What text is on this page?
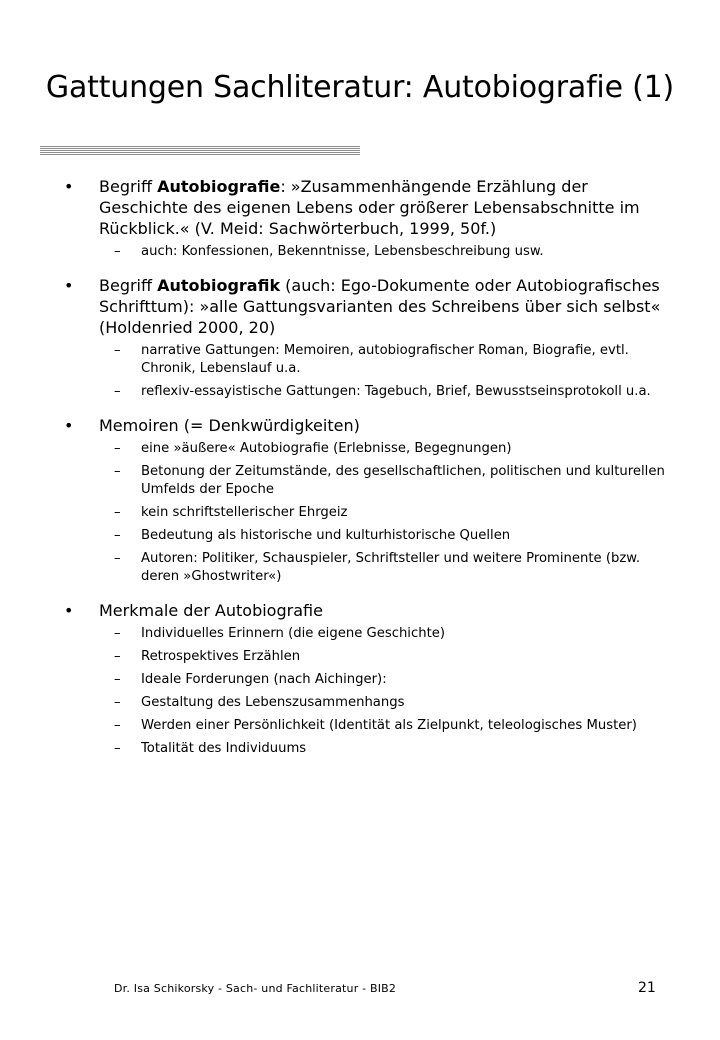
Gattungen Sachliteratur: Autobiografie (1)
• Begriff Autobiografie: »Zusammenhängende Erzählung der Geschichte des eigenen Lebens oder größerer Lebensabschnitte im Rückblick.« (V. Meid: Sachwörterbuch, 1999, 50f.)
– auch: Konfessionen, Bekenntnisse, Lebensbeschreibung usw.
• Begriff Autobiografik (auch: Ego-Dokumente oder Autobiografisches Schrifttum): »alle Gattungsvarianten des Schreibens über sich selbst« (Holdenried 2000, 20)
– narrative Gattungen: Memoiren, autobiografischer Roman, Biografie, evtl. Chronik, Lebenslauf u.a.
– reflexiv-essayistische Gattungen: Tagebuch, Brief, Bewusstseinsprotokoll u.a.
• Memoiren (= Denkwürdigkeiten)
– eine »äußere« Autobiografie (Erlebnisse, Begegnungen)
– Betonung der Zeitumstände, des gesellschaftlichen, politischen und kulturellen Umfelds der Epoche
– kein schriftstellerischer Ehrgeiz
– Bedeutung als historische und kulturhistorische Quellen
– Autoren: Politiker, Schauspieler, Schriftsteller und weitere Prominente (bzw. deren »Ghostwriter«)
• Merkmale der Autobiografie
– Individuelles Erinnern (die eigene Geschichte)
– Retrospektives Erzählen
– Ideale Forderungen (nach Aichinger):
– Gestaltung des Lebenszusammenhangs
– Werden einer Persönlichkeit (Identität als Zielpunkt, teleologisches Muster)
– Totalität des Individuums
Dr. Isa Schikorsky - Sach- und Fachliteratur - BIB2	21
